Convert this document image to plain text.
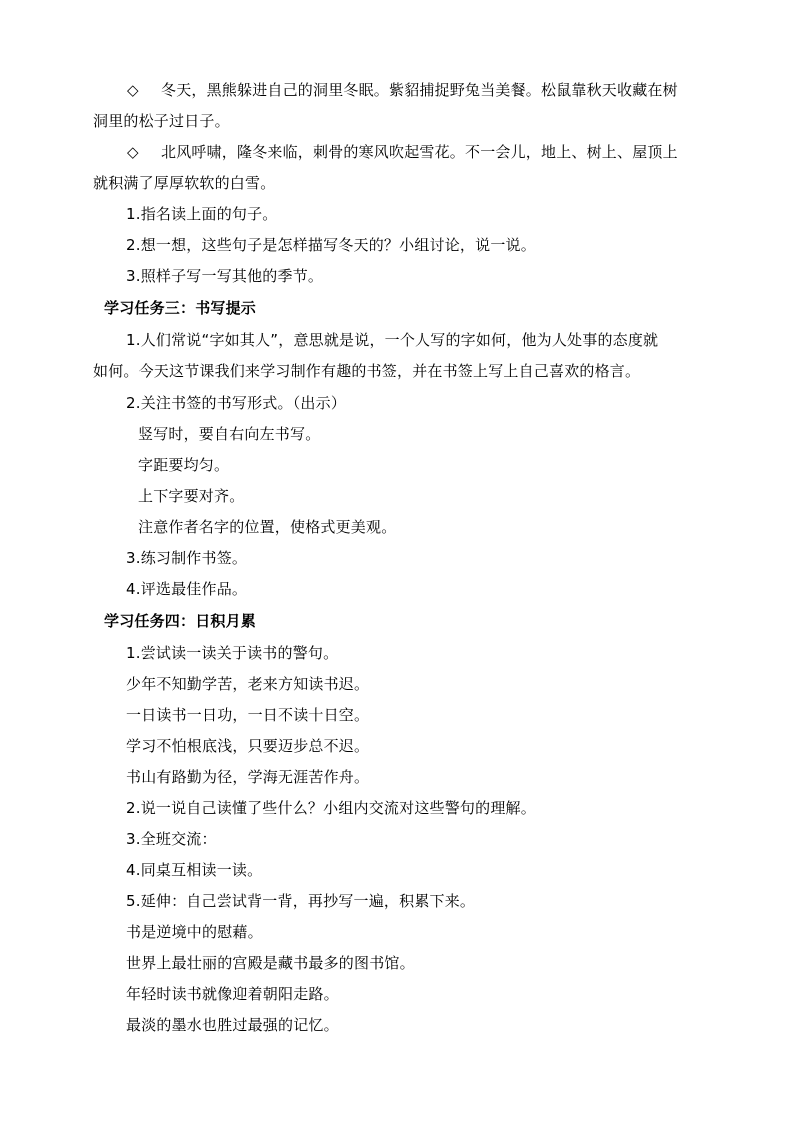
◇ 冬天，黑熊躲进自己的洞里冬眠。紫貂捕捉野兔当美餐。松鼠靠秋天收藏在树
洞里的松子过日子。
◇ 北风呼啸，隆冬来临，刺骨的寒风吹起雪花。不一会儿，地上、树上、屋顶上
就积满了厚厚软软的白雪。
1.指名读上面的句子。
2.想一想，这些句子是怎样描写冬天的？小组讨论，说一说。
3.照样子写一写其他的季节。
学习任务三：书写提示
1.人们常说“字如其人”，意思就是说，一个人写的字如何，他为人处事的态度就
如何。今天这节课我们来学习制作有趣的书签，并在书签上写上自己喜欢的格言。
2.关注书签的书写形式。（出示）
竖写时，要自右向左书写。
字距要均匀。
上下字要对齐。
注意作者名字的位置，使格式更美观。
3.练习制作书签。
4.评选最佳作品。
学习任务四：日积月累
1.尝试读一读关于读书的警句。
少年不知勤学苦，老来方知读书迟。
一日读书一日功，一日不读十日空。
学习不怕根底浅，只要迈步总不迟。
书山有路勤为径，学海无涯苦作舟。
2.说一说自己读懂了些什么？小组内交流对这些警句的理解。
3.全班交流：
4.同桌互相读一读。
5.延伸：自己尝试背一背，再抄写一遍，积累下来。
书是逆境中的慰藉。
世界上最壮丽的宫殿是藏书最多的图书馆。
年轻时读书就像迎着朝阳走路。
最淡的墨水也胜过最强的记忆。
